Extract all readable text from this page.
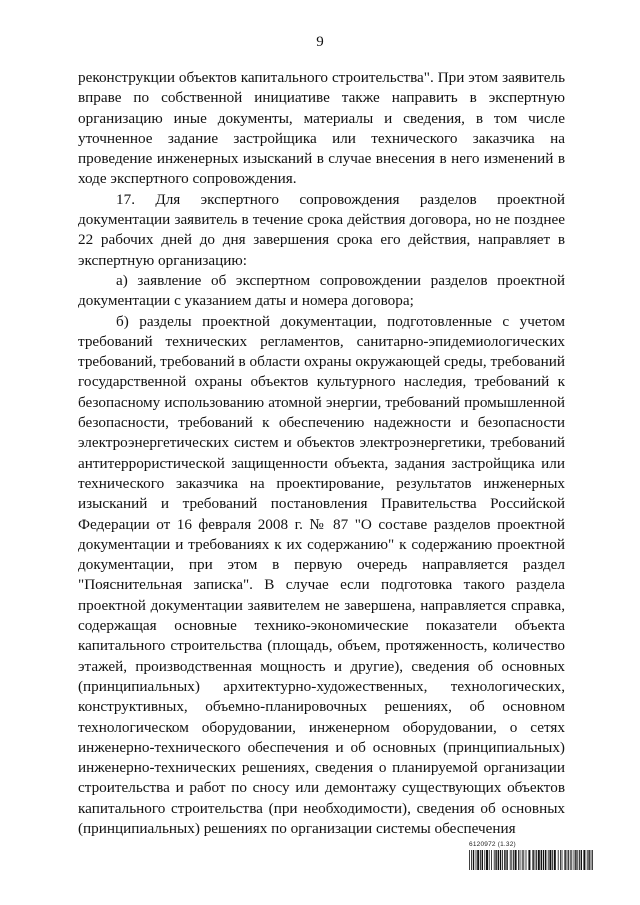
9

реконструкции объектов капитального строительства". При этом заявитель вправе по собственной инициативе также направить в экспертную организацию иные документы, материалы и сведения, в том числе уточненное задание застройщика или технического заказчика на проведение инженерных изысканий в случае внесения в него изменений в ходе экспертного сопровождения.

17. Для экспертного сопровождения разделов проектной документации заявитель в течение срока действия договора, но не позднее 22 рабочих дней до дня завершения срока его действия, направляет в экспертную организацию:

а) заявление об экспертном сопровождении разделов проектной документации с указанием даты и номера договора;

б) разделы проектной документации, подготовленные с учетом требований технических регламентов, санитарно-эпидемиологических требований, требований в области охраны окружающей среды, требований государственной охраны объектов культурного наследия, требований к безопасному использованию атомной энергии, требований промышленной безопасности, требований к обеспечению надежности и безопасности электроэнергетических систем и объектов электроэнергетики, требований антитеррористической защищенности объекта, задания застройщика или технического заказчика на проектирование, результатов инженерных изысканий и требований постановления Правительства Российской Федерации от 16 февраля 2008 г. № 87 "О составе разделов проектной документации и требованиях к их содержанию" к содержанию проектной документации, при этом в первую очередь направляется раздел "Пояснительная записка". В случае если подготовка такого раздела проектной документации заявителем не завершена, направляется справка, содержащая основные технико-экономические показатели объекта капитального строительства (площадь, объем, протяженность, количество этажей, производственная мощность и другие), сведения об основных (принципиальных) архитектурно-художественных, технологических, конструктивных, объемно-планировочных решениях, об основном технологическом оборудовании, инженерном оборудовании, о сетях инженерно-технического обеспечения и об основных (принципиальных) инженерно-технических решениях, сведения о планируемой организации строительства и работ по сносу или демонтажу существующих объектов капитального строительства (при необходимости), сведения об основных (принципиальных) решениях по организации системы обеспечения

6120972 (1.32)
